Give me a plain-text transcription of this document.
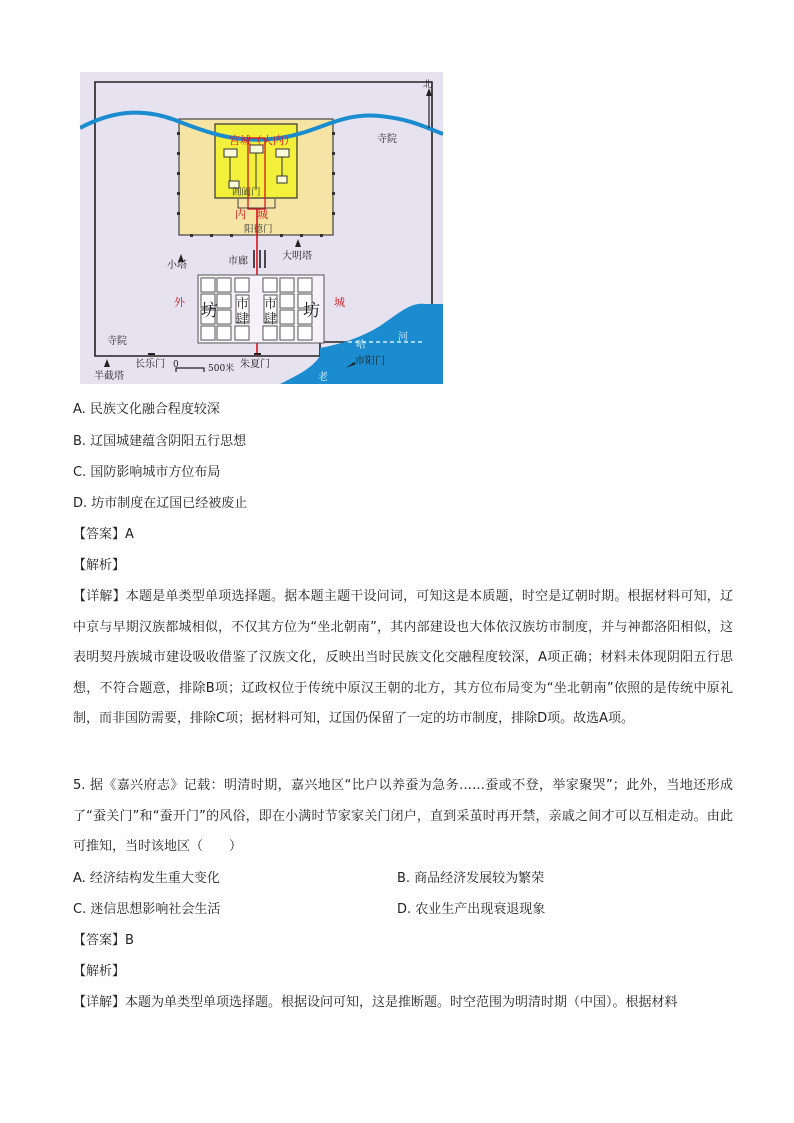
北
宫城（大内）
阊阖门
内　城
阳德门
寺院
寺院
小塔
大明塔
市廊
外	城
坊	坊
市 市
肆 肆
长乐门	朱夏门
半截塔
0	500米
哈
河
老
市阳门
A. 民族文化融合程度较深
B. 辽国城建蕴含阴阳五行思想
C. 国防影响城市方位布局
D. 坊市制度在辽国已经被废止
【答案】A
【解析】
【详解】本题是单类型单项选择题。据本题主题干设问词，可知这是本质题，时空是辽朝时期。根据材料可知，辽中京与早期汉族都城相似，不仅其方位为“坐北朝南”，其内部建设也大体依汉族坊市制度，并与神都洛阳相似，这表明契丹族城市建设吸收借鉴了汉族文化，反映出当时民族文化交融程度较深，A项正确；材料未体现阴阳五行思想，不符合题意，排除B项；辽政权位于传统中原汉王朝的北方，其方位布局变为“坐北朝南”依照的是传统中原礼制，而非国防需要，排除C项；据材料可知，辽国仍保留了一定的坊市制度，排除D项。故选A项。
5. 据《嘉兴府志》记载：明清时期，嘉兴地区“比户以养蚕为急务……蚕或不登，举家聚哭”；此外，当地还形成了“蚕关门”和“蚕开门”的风俗，即在小满时节家家关门闭户，直到采茧时再开禁，亲戚之间才可以互相走动。由此可推知，当时该地区（　　）
A. 经济结构发生重大变化	B. 商品经济发展较为繁荣
C. 迷信思想影响社会生活	D. 农业生产出现衰退现象
【答案】B
【解析】
【详解】本题为单类型单项选择题。根据设问可知，这是推断题。时空范围为明清时期（中国）。根据材料
